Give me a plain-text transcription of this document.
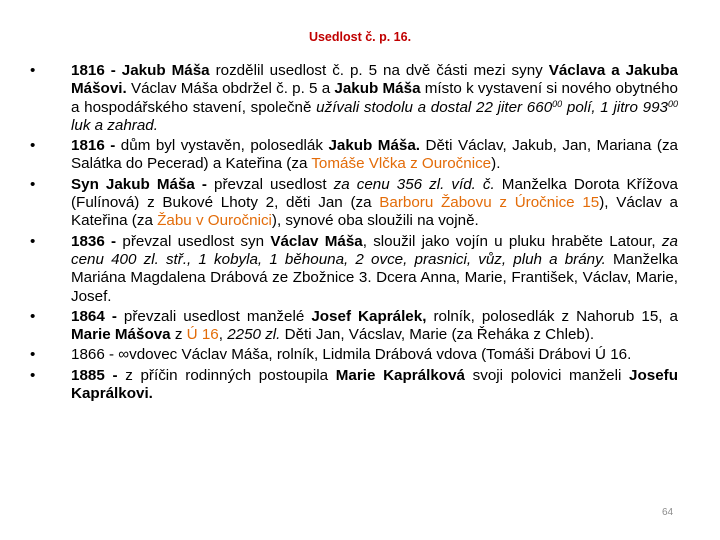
Usedlost č. p. 16.
•	1816 - Jakub Máša rozdělil usedlost č. p. 5 na dvě části mezi syny Václava a Jakuba Mášovi. Václav Máša obdržel č. p. 5 a Jakub Máša místo k vystavení si nového obytného a hospodářského stavení, společně užívali stodolu a dostal 22 jiter $660^{00}$ polí, 1 jitro $993^{00}$ luk a zahrad.
•	1816 - dům byl vystavěn, polosedlák Jakub Máša. Děti Václav, Jakub, Jan, Mariana (za Salátka do Pecerad) a Kateřina (za Tomáše Vlčka z Ouročnice).
•	Syn Jakub Máša - převzal usedlost za cenu 356 zl. víd. č. Manželka Dorota Křížova (Fulínová) z Bukové Lhoty 2, děti Jan (za Barboru Žabovu z Úročnice 15), Václav a Kateřina (za Žabu v Ouročnici), synové oba sloužili na vojně.
•	1836 - převzal usedlost syn Václav Máša, sloužil jako vojín u pluku hraběte Latour, za cenu 400 zl. stř., 1 kobyla, 1 běhouna, 2 ovce, prasnici, vůz, pluh a brány. Manželka Mariána Magdalena Drábová ze Zbožnice 3. Dcera Anna, Marie, František, Václav, Marie, Josef.
•	1864 - převzali usedlost manželé Josef Kaprálek, rolník, polosedlák z Nahorub 15, a Marie Mášova z Ú 16, 2250 zl. Děti Jan, Vácslav, Marie (za Řeháka z Chleb).
•	1866 - ∞vdovec Václav Máša, rolník, Lidmila Drábová vdova (Tomáši Drábovi Ú 16.
•	1885 - z příčin rodinných postoupila Marie Kaprálková svoji polovici manželi Josefu Kaprálkovi.
64
